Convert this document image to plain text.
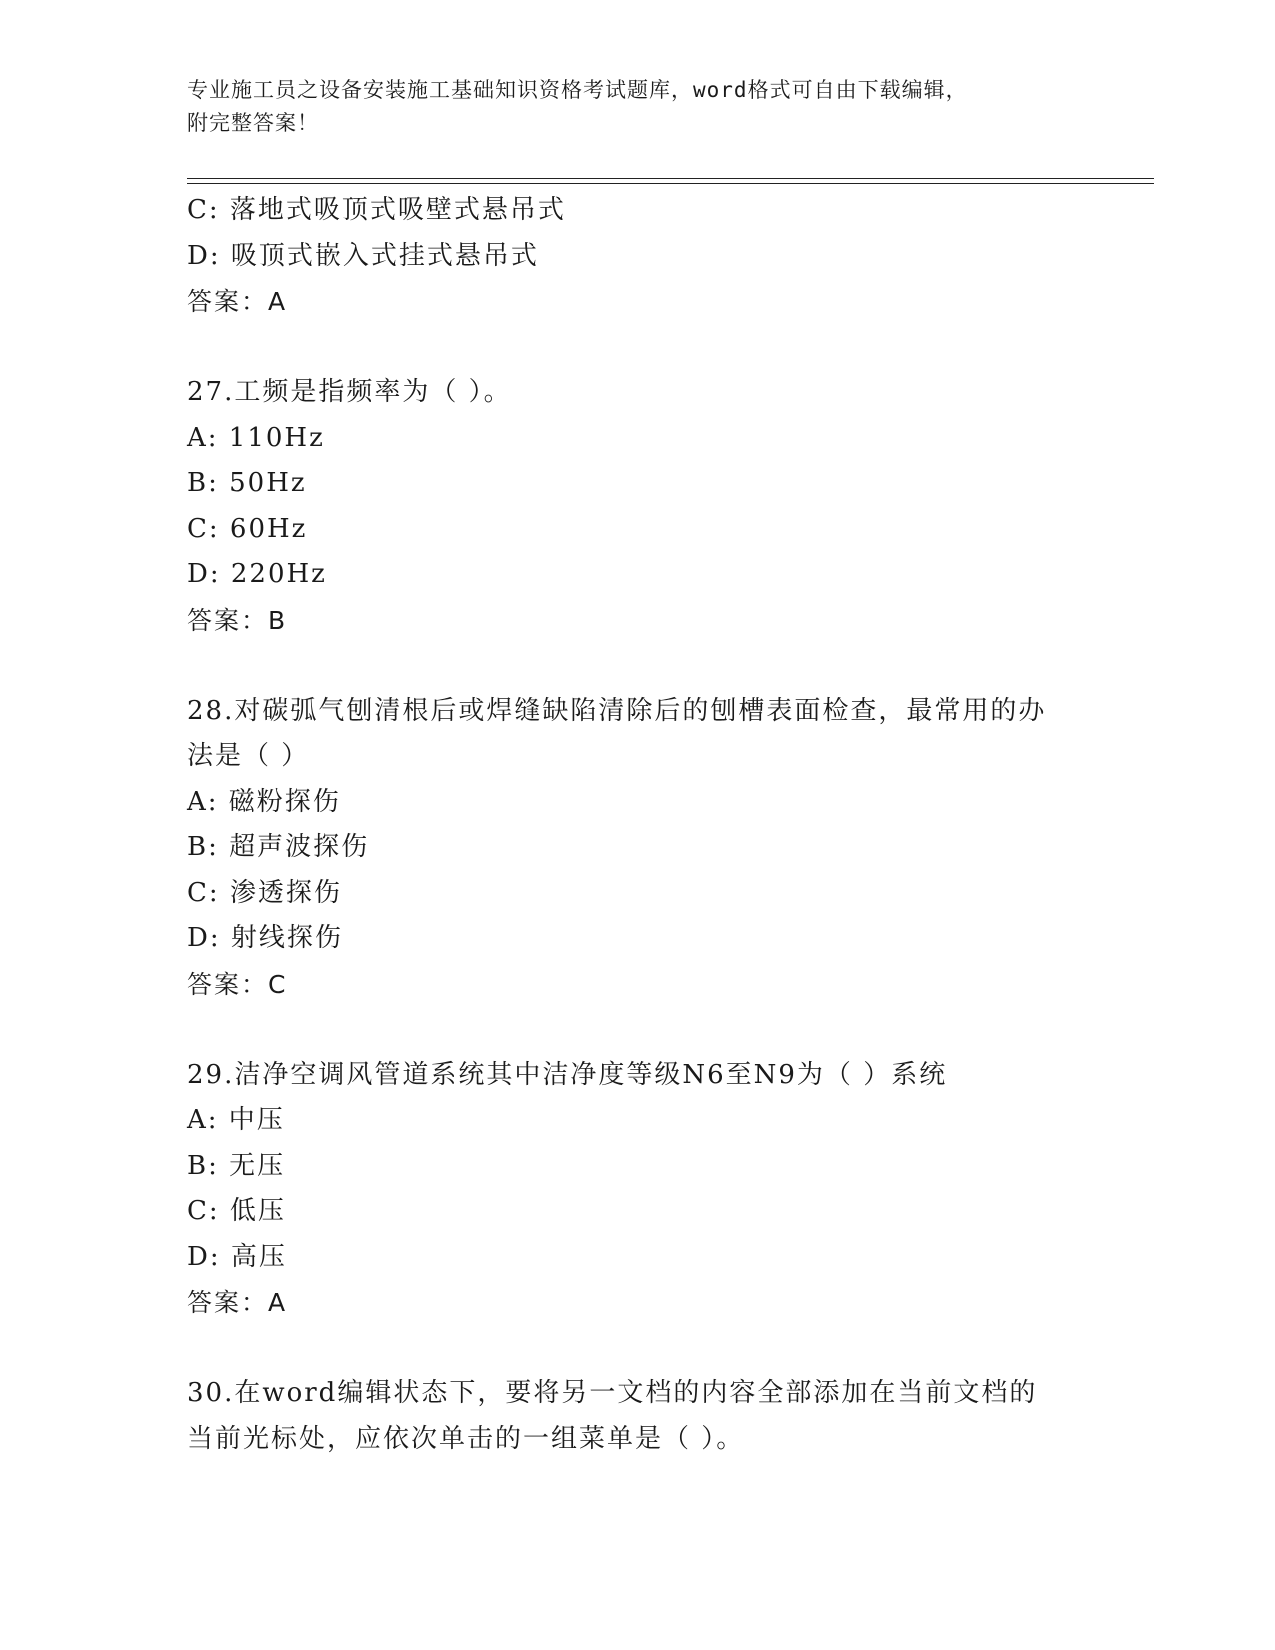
专业施工员之设备安装施工基础知识资格考试题库，word格式可自由下载编辑，
附完整答案！
C: 落地式吸顶式吸壁式悬吊式
D: 吸顶式嵌入式挂式悬吊式
答案：A
27.工频是指频率为（ ）。
A: 110Hz
B: 50Hz
C: 60Hz
D: 220Hz
答案：B
28.对碳弧气刨清根后或焊缝缺陷清除后的刨槽表面检查，最常用的办
法是（ ）
A: 磁粉探伤
B: 超声波探伤
C: 渗透探伤
D: 射线探伤
答案：C
29.洁净空调风管道系统其中洁净度等级N6至N9为（ ）系统
A: 中压
B: 无压
C: 低压
D: 高压
答案：A
30.在word编辑状态下，要将另一文档的内容全部添加在当前文档的
当前光标处，应依次单击的一组菜单是（ ）。
